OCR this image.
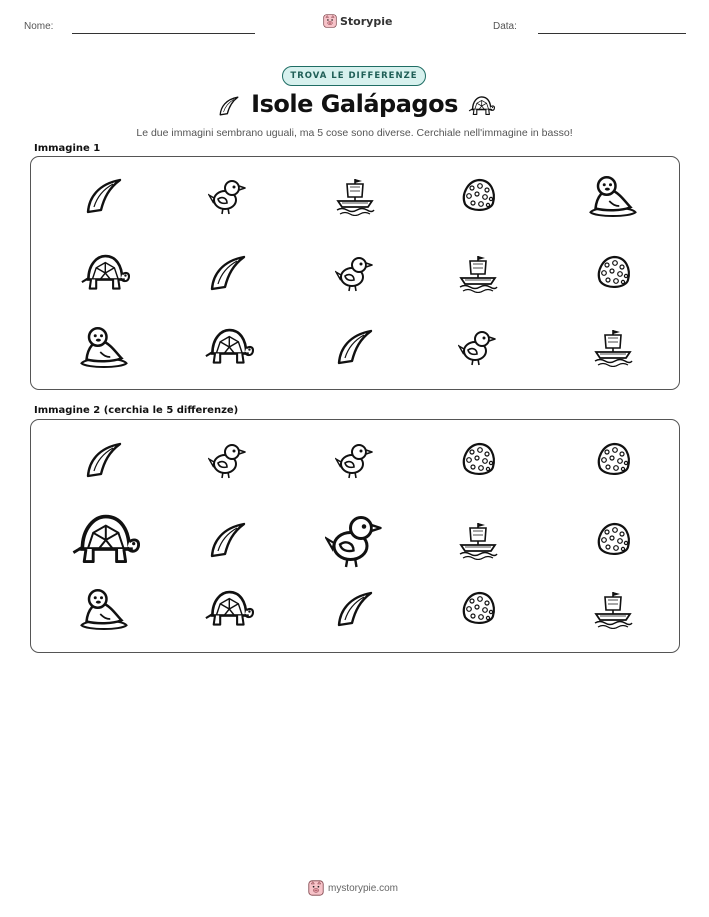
Nome:	Storypie	Data:
TROVA LE DIFFERENZE
Isole Galápagos
Le due immagini sembrano uguali, ma 5 cose sono diverse. Cerchiale nell'immagine in basso!
Immagine 1
Immagine 2 (cerchia le 5 differenze)
mystorypie.com
